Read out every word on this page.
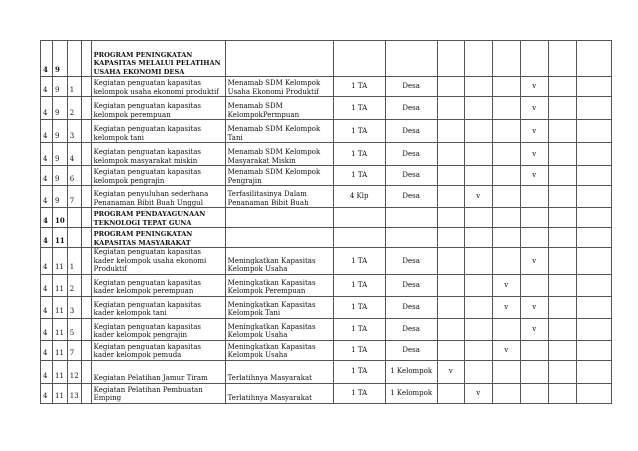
4	9			PROGRAM PENINGKATAN KAPASITAS MELALUI PELATIHAN USAHA EKONOMI DESA									
4	9	1		Kegiatan penguatan kapasitas kelompok usaha ekonomi produktif	Menamab SDM Kelompok Usaha Ekonomi Produktif	1 TA	Desa				v		
4	9	2		Kegiatan penguatan kapasitas kelompok perempuan	Menamab SDM KelompokPermpuan	1 TA	Desa				v		
4	9	3		Kegiatan penguatan kapasitas kelompok tani	Menamab SDM Kelompok Tani	1 TA	Desa				v		
4	9	4		Kegiatan penguatan kapasitas kelompok masyarakat miskin	Menamab SDM Kelompok Masyarakat Miskin	1 TA	Desa				v		
4	9	6		Kegiatan penguatan kapasitas kelompok pengrajin	Menamab SDM Kelompok Pengrajin	1 TA	Desa				v		
4	9	7		Kegiatan penyuluhan sederhana Penanaman Bibit Buah Unggul	Terfasilitasinya Dalam Penanaman Bibit Buah	4 Klp	Desa		v				
4	10			PROGRAM PENDAYAGUNAAN TEKNOLOGI TEPAT GUNA									
4	11			PROGRAM PENINGKATAN KAPASITAS MASYARAKAT									
4	11	1		Kegiatan penguatan kapasitas kader kelompok usaha ekonomi Produktif	Meningkatkan Kapasitas Kelompok Usaha	1 TA	Desa				v		
4	11	2		Kegiatan penguatan kapasitas kader kelompok perempuan	Meningkatkan Kapasitas Kelompok Perempuan	1 TA	Desa			v			
4	11	3		Kegiatan penguatan kapasitas kader kelompok tani	Meningkatkan Kapasitas Kelompok Tani	1 TA	Desa			v	v		
4	11	5		Kegiatan penguatan kapasitas kader kelompok pengrajin	Meningkatkan Kapasitas Kelompok Usaha	1 TA	Desa				v		
4	11	7		Kegiatan penguatan kapasitas kader kelompok pemuda	Meningkatkan Kapasitas Kelompok Usaha	1 TA	Desa			v			
4	11	12		Kegiatan Pelatihan Jamur Tiram	Terlatihnya Masyarakat	1 TA	1 Kelompok	v					
4	11	13		Kegiatan Pelatihan Pembuatan Emping	Terlatihnya Masyarakat	1 TA	1 Kelompok		v				
